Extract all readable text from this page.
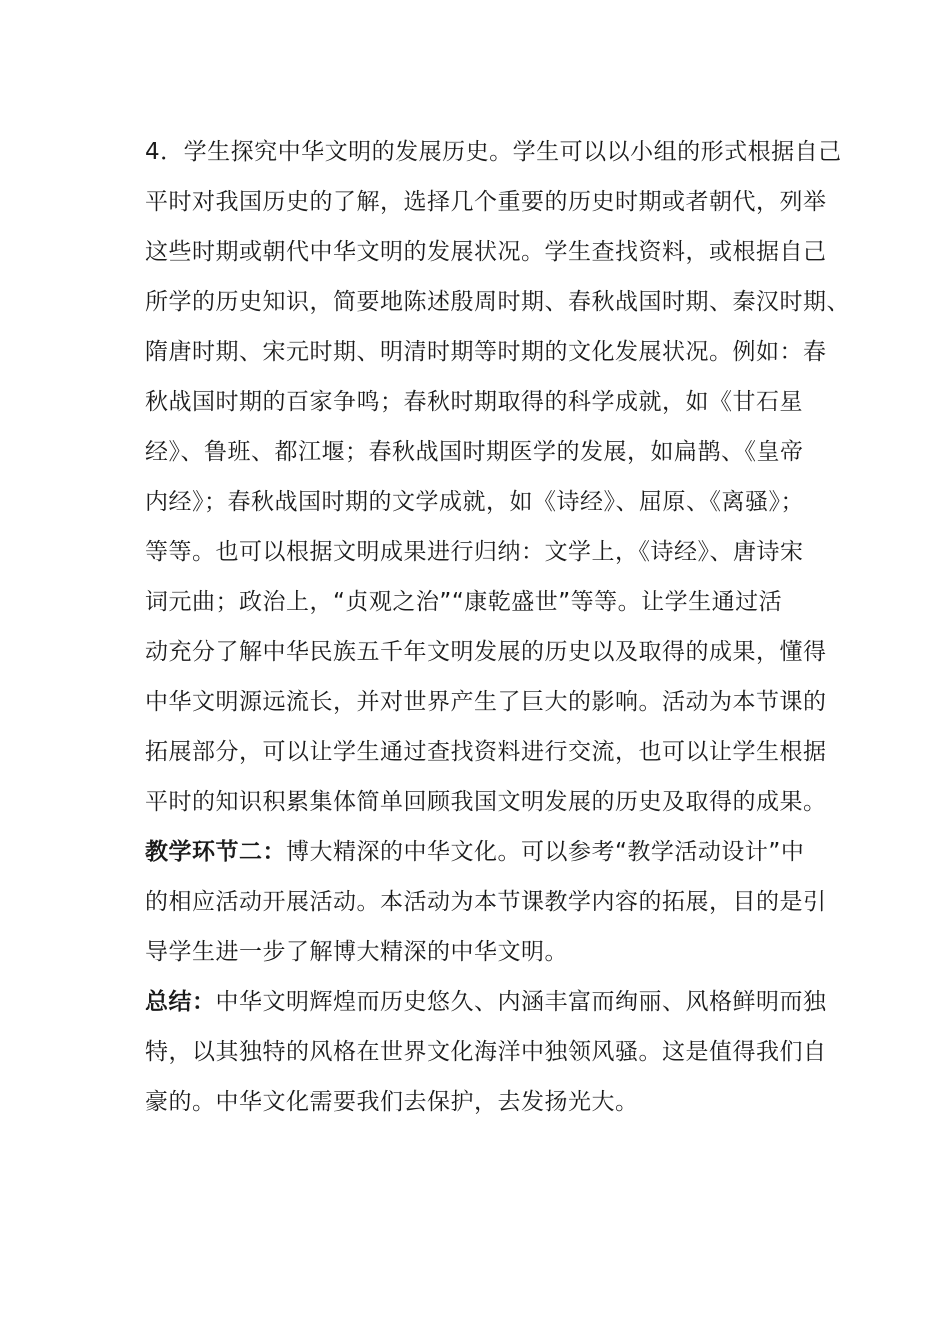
4．学生探究中华文明的发展历史。学生可以以小组的形式根据自己
平时对我国历史的了解，选择几个重要的历史时期或者朝代，列举
这些时期或朝代中华文明的发展状况。学生查找资料，或根据自己
所学的历史知识，简要地陈述殷周时期、春秋战国时期、秦汉时期、
隋唐时期、宋元时期、明清时期等时期的文化发展状况。例如：春
秋战国时期的百家争鸣；春秋时期取得的科学成就，如《甘石星
经》、鲁班、都江堰；春秋战国时期医学的发展，如扁鹊、《皇帝
内经》；春秋战国时期的文学成就，如《诗经》、屈原、《离骚》；
等等。也可以根据文明成果进行归纳：文学上，《诗经》、唐诗宋
词元曲；政治上，“贞观之治”“康乾盛世”等等。让学生通过活
动充分了解中华民族五千年文明发展的历史以及取得的成果，懂得
中华文明源远流长，并对世界产生了巨大的影响。活动为本节课的
拓展部分，可以让学生通过查找资料进行交流，也可以让学生根据
平时的知识积累集体简单回顾我国文明发展的历史及取得的成果。
教学环节二：博大精深的中华文化。可以参考“教学活动设计”中
的相应活动开展活动。本活动为本节课教学内容的拓展，目的是引
导学生进一步了解博大精深的中华文明。
总结：中华文明辉煌而历史悠久、内涵丰富而绚丽、风格鲜明而独
特，以其独特的风格在世界文化海洋中独领风骚。这是值得我们自
豪的。中华文化需要我们去保护，去发扬光大。
